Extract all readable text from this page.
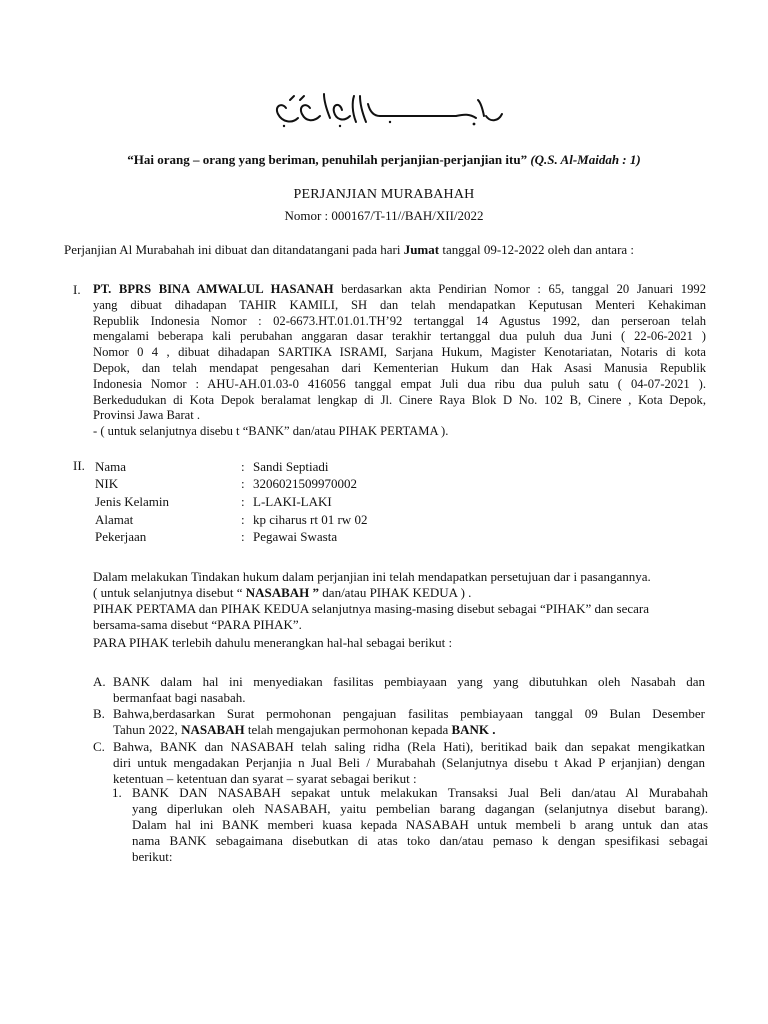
“Hai orang – orang yang beriman, penuhilah perjanjian-perjanjian itu” (Q.S. Al-Maidah : 1)
PERJANJIAN MURABAHAH
Nomor : 000167/T-11//BAH/XII/2022
Perjanjian Al Murabahah ini dibuat dan ditandatangani pada hari Jumat tanggal 09-12-2022 oleh dan antara :
I. PT. BPRS BINA AMWALUL HASANAH berdasarkan akta Pendirian Nomor : 65, tanggal 20 Januari 1992
yang dibuat dihadapan TAHIR KAMILI, SH dan telah mendapatkan Keputusan Menteri Kehakiman
Republik Indonesia Nomor : 02-6673.HT.01.01.TH’92 tertanggal 14 Agustus 1992, dan perseroan telah
mengalami beberapa kali perubahan anggaran dasar terakhir tertanggal dua puluh dua Juni ( 22-06-2021 )
Nomor 0 4 , dibuat dihadapan SARTIKA ISRAMI, Sarjana Hukum, Magister Kenotariatan, Notaris di kota
Depok, dan telah mendapat pengesahan dari Kementerian Hukum dan Hak Asasi Manusia Republik
Indonesia Nomor : AHU-AH.01.03-0 416056 tanggal empat Juli dua ribu dua puluh satu ( 04-07-2021 ).
Berkedudukan di Kota Depok beralamat lengkap di Jl. Cinere Raya Blok D No. 102 B, Cinere , Kota Depok,
Provinsi Jawa Barat .
- ( untuk selanjutnya disebu t “BANK” dan/atau PIHAK PERTAMA ).
II. Nama	: Sandi Septiadi
NIK	: 3206021509970002
Jenis Kelamin	: L-LAKI-LAKI
Alamat	: kp ciharus rt 01 rw 02
Pekerjaan	: Pegawai Swasta
Dalam melakukan Tindakan hukum dalam perjanjian ini telah mendapatkan persetujuan dar i pasangannya.
( untuk selanjutnya disebut “ NASABAH ” dan/atau PIHAK KEDUA ) .
PIHAK PERTAMA dan PIHAK KEDUA selanjutnya masing-masing disebut sebagai “PIHAK” dan secara
bersama-sama disebut “PARA PIHAK”.
PARA PIHAK terlebih dahulu menerangkan hal-hal sebagai berikut :
A. BANK dalam hal ini menyediakan fasilitas pembiayaan yang yang dibutuhkan oleh Nasabah dan
bermanfaat bagi nasabah.
B. Bahwa,berdasarkan Surat permohonan pengajuan fasilitas pembiayaan tanggal 09 Bulan Desember
Tahun 2022, NASABAH telah mengajukan permohonan kepada BANK .
C. Bahwa, BANK dan NASABAH telah saling ridha (Rela Hati), beritikad baik dan sepakat mengikatkan
diri untuk mengadakan Perjanjia n Jual Beli / Murabahah (Selanjutnya disebu t Akad P erjanjian) dengan
ketentuan – ketentuan dan syarat – syarat sebagai berikut :
1. BANK DAN NASABAH sepakat untuk melakukan Transaksi Jual Beli dan/atau Al Murabahah
yang diperlukan oleh NASABAH, yaitu pembelian barang dagangan (selanjutnya disebut barang).
Dalam hal ini BANK memberi kuasa kepada NASABAH untuk membeli b arang untuk dan atas
nama BANK sebagaimana disebutkan di atas toko dan/atau pemaso k dengan spesifikasi sebagai
berikut:
